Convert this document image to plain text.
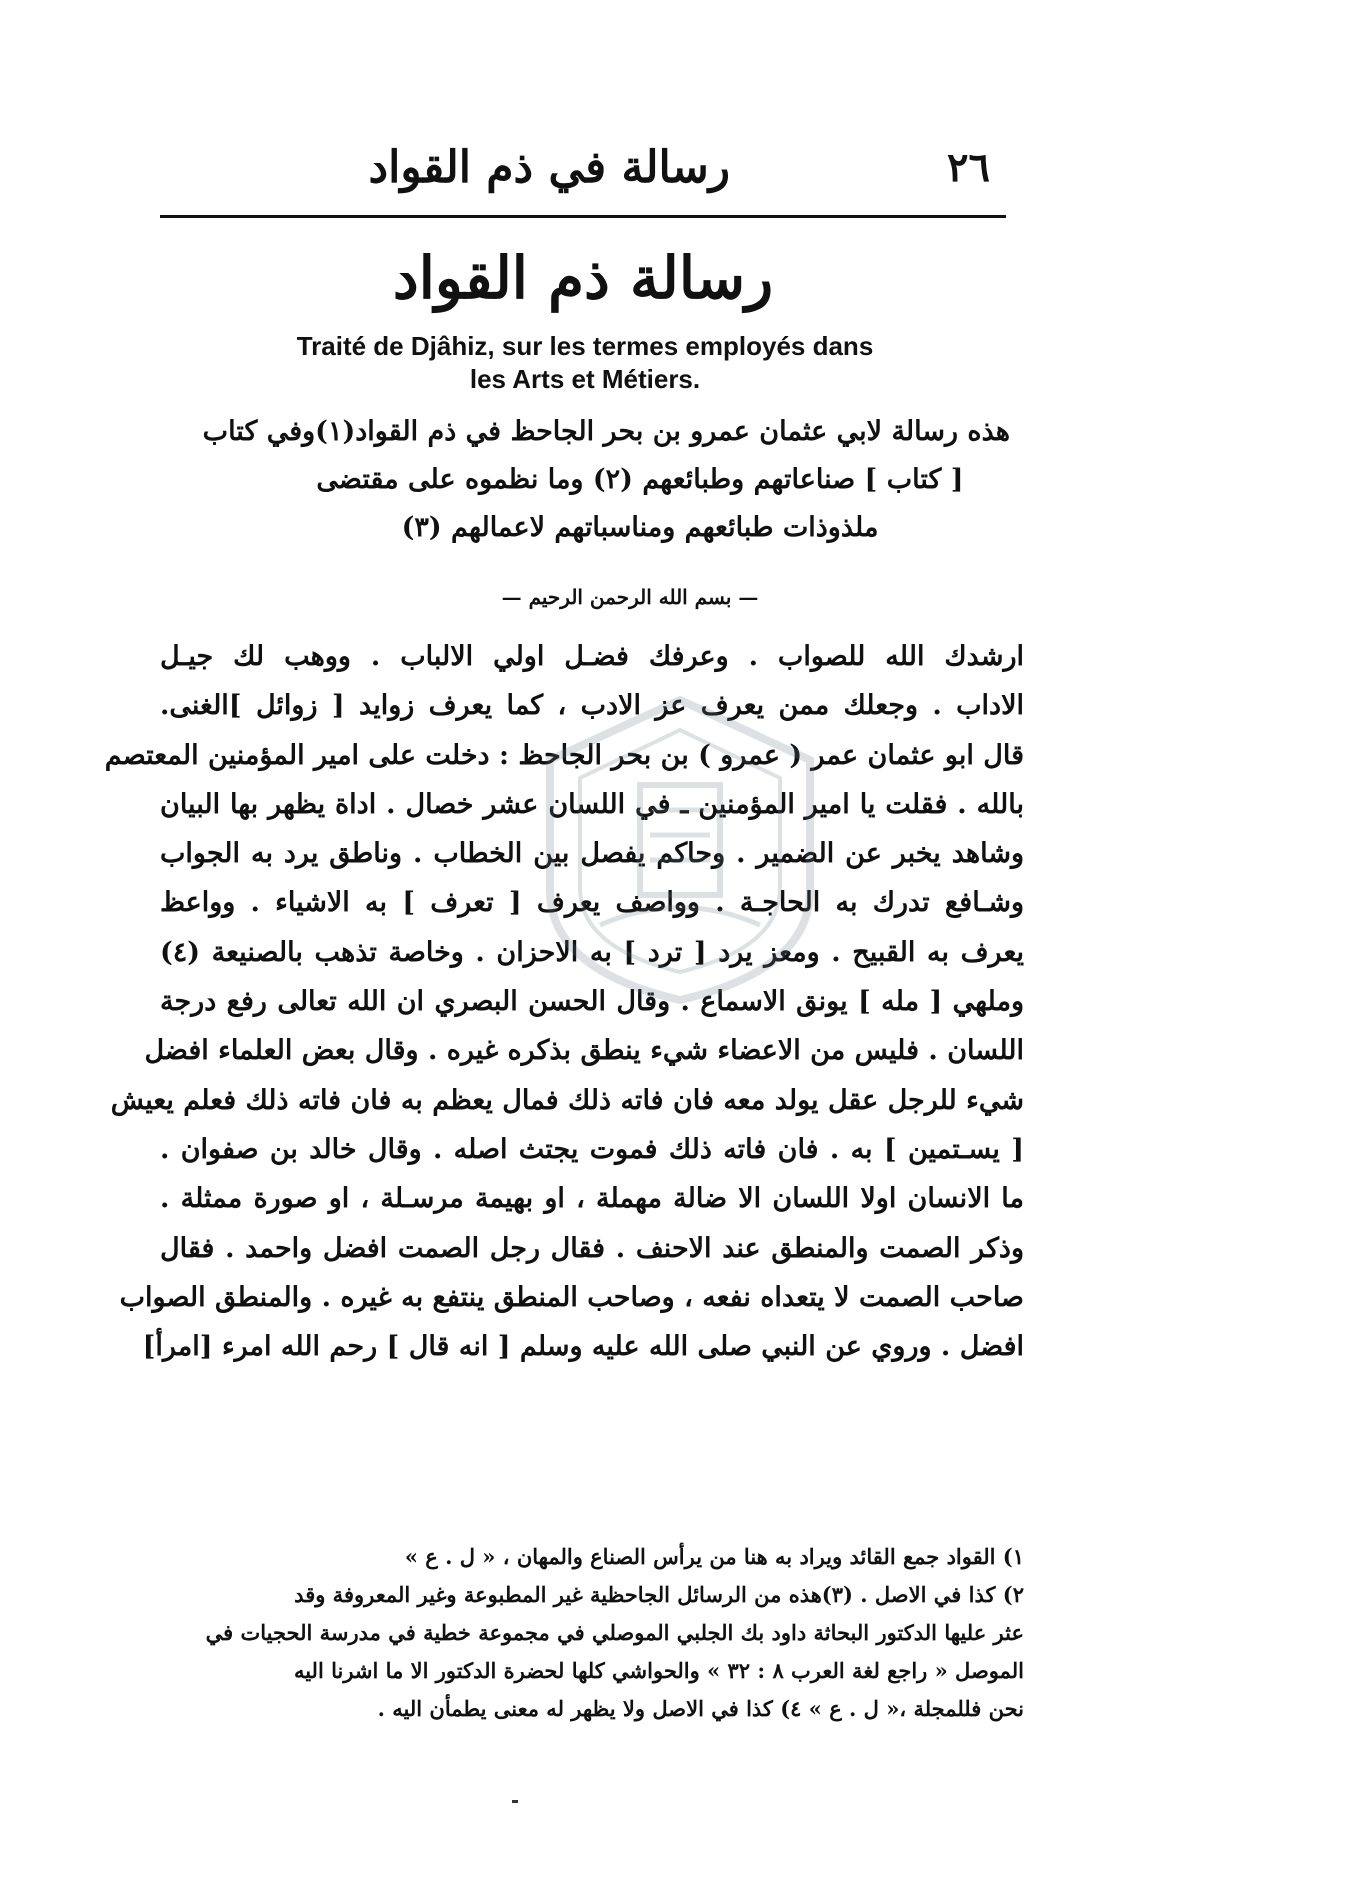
٢٦
رسالة في ذم القواد
رسالة ذم القواد
Traité de Djâhiz, sur les termes employés dans
les Arts et Métiers.
هذه رسالة لابي عثمان عمرو بن بحر الجاحظ في ذم القواد(١)وفي كتاب
[ كتاب ] صناعاتهم وطبائعهم (٢) وما نظموه على مقتضى
ملذوذات طبائعهم ومناسباتهم لاعمالهم (٣)
— بسم الله الرحمن الرحيم —
ارشدك الله للصواب . وعرفك فضـل اولي الالباب . ووهب لك جيـل
الاداب . وجعلك ممن يعرف عز الادب ، كما يعرف زوايد [ زوائل ]الغنى.
قال ابو عثمان عمر ( عمرو ) بن بحر الجاحظ : دخلت على امير المؤمنين المعتصم
بالله . فقلت يا امير المؤمنين ـ في اللسان عشر خصال . اداة يظهر بها البيان
وشاهد يخبر عن الضمير . وحاكم يفصل بين الخطاب . وناطق يرد به الجواب
وشـافع تدرك به الحاجـة . وواصف يعرف [ تعرف ] به الاشياء . وواعظ
يعرف به القبيح . ومعز يرد [ ترد ] به الاحزان . وخاصة تذهب بالصنيعة (٤)
وملهي [ مله ] يونق الاسماع . وقال الحسن البصري ان الله تعالى رفع درجة
اللسان . فليس من الاعضاء شيء ينطق بذكره غيره . وقال بعض العلماء افضل
شيء للرجل عقل يولد معه فان فاته ذلك فمال يعظم به فان فاته ذلك فعلم يعيش
[ يسـتمين ] به . فان فاته ذلك فموت يجتث اصله . وقال خالد بن صفوان .
ما الانسان اولا اللسان الا ضالة مهملة ، او بهيمة مرسـلة ، او صورة ممثلة .
وذكر الصمت والمنطق عند الاحنف . فقال رجل الصمت افضل واحمد . فقال
صاحب الصمت لا يتعداه نفعه ، وصاحب المنطق ينتفع به غيره . والمنطق الصواب
افضل . وروي عن النبي صلى الله عليه وسلم [ انه قال ] رحم الله امرء [امرأ]
١) القواد جمع القائد ويراد به هنا من يرأس الصناع والمهان ، « ل . ع »
٢) كذا في الاصل . (٣)هذه من الرسائل الجاحظية غير المطبوعة وغير المعروفة وقد
عثر عليها الدكتور البحاثة داود بك الجلبي الموصلي في مجموعة خطية في مدرسة الحجيات في
الموصل « راجع لغة العرب ٨ : ٣٢ » والحواشي كلها لحضرة الدكتور الا ما اشرنا اليه
نحن فللمجلة ،« ل . ع » ٤) كذا في الاصل ولا يظهر له معنى يطمأن اليه .
